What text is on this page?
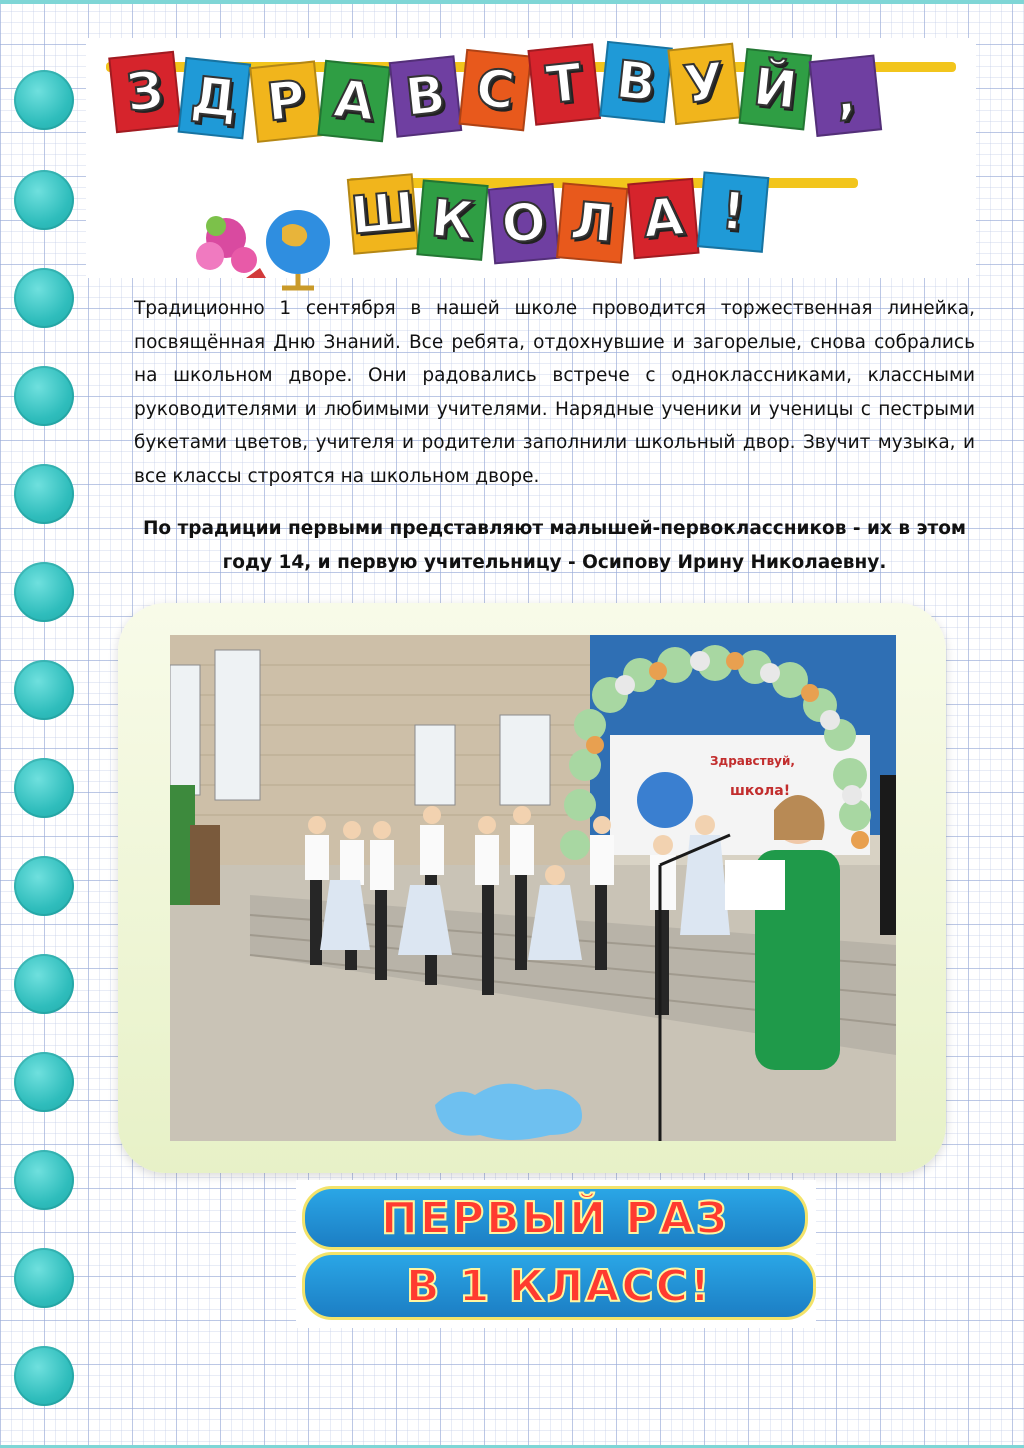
З Д Р А В С Т В У Й ,
Ш К О Л А !
Традиционно 1 сентября в нашей школе проводится торжественная линейка, посвящённая Дню Знаний. Все ребята, отдохнувшие и загорелые, снова собрались на школьном дворе. Они радовались встрече с одноклассниками, классными руководителями и любимыми учителями. Нарядные ученики и ученицы с пестрыми букетами цветов, учителя и родители заполнили школьный двор. Звучит музыка, и все классы строятся на школьном дворе.
По традиции первыми представляют малышей-первоклассников - их в этом году 14, и первую учительницу - Осипову Ирину Николаевну.
Здравствуй,
школа!
ПЕРВЫЙ РАЗ
В 1 КЛАСС!
